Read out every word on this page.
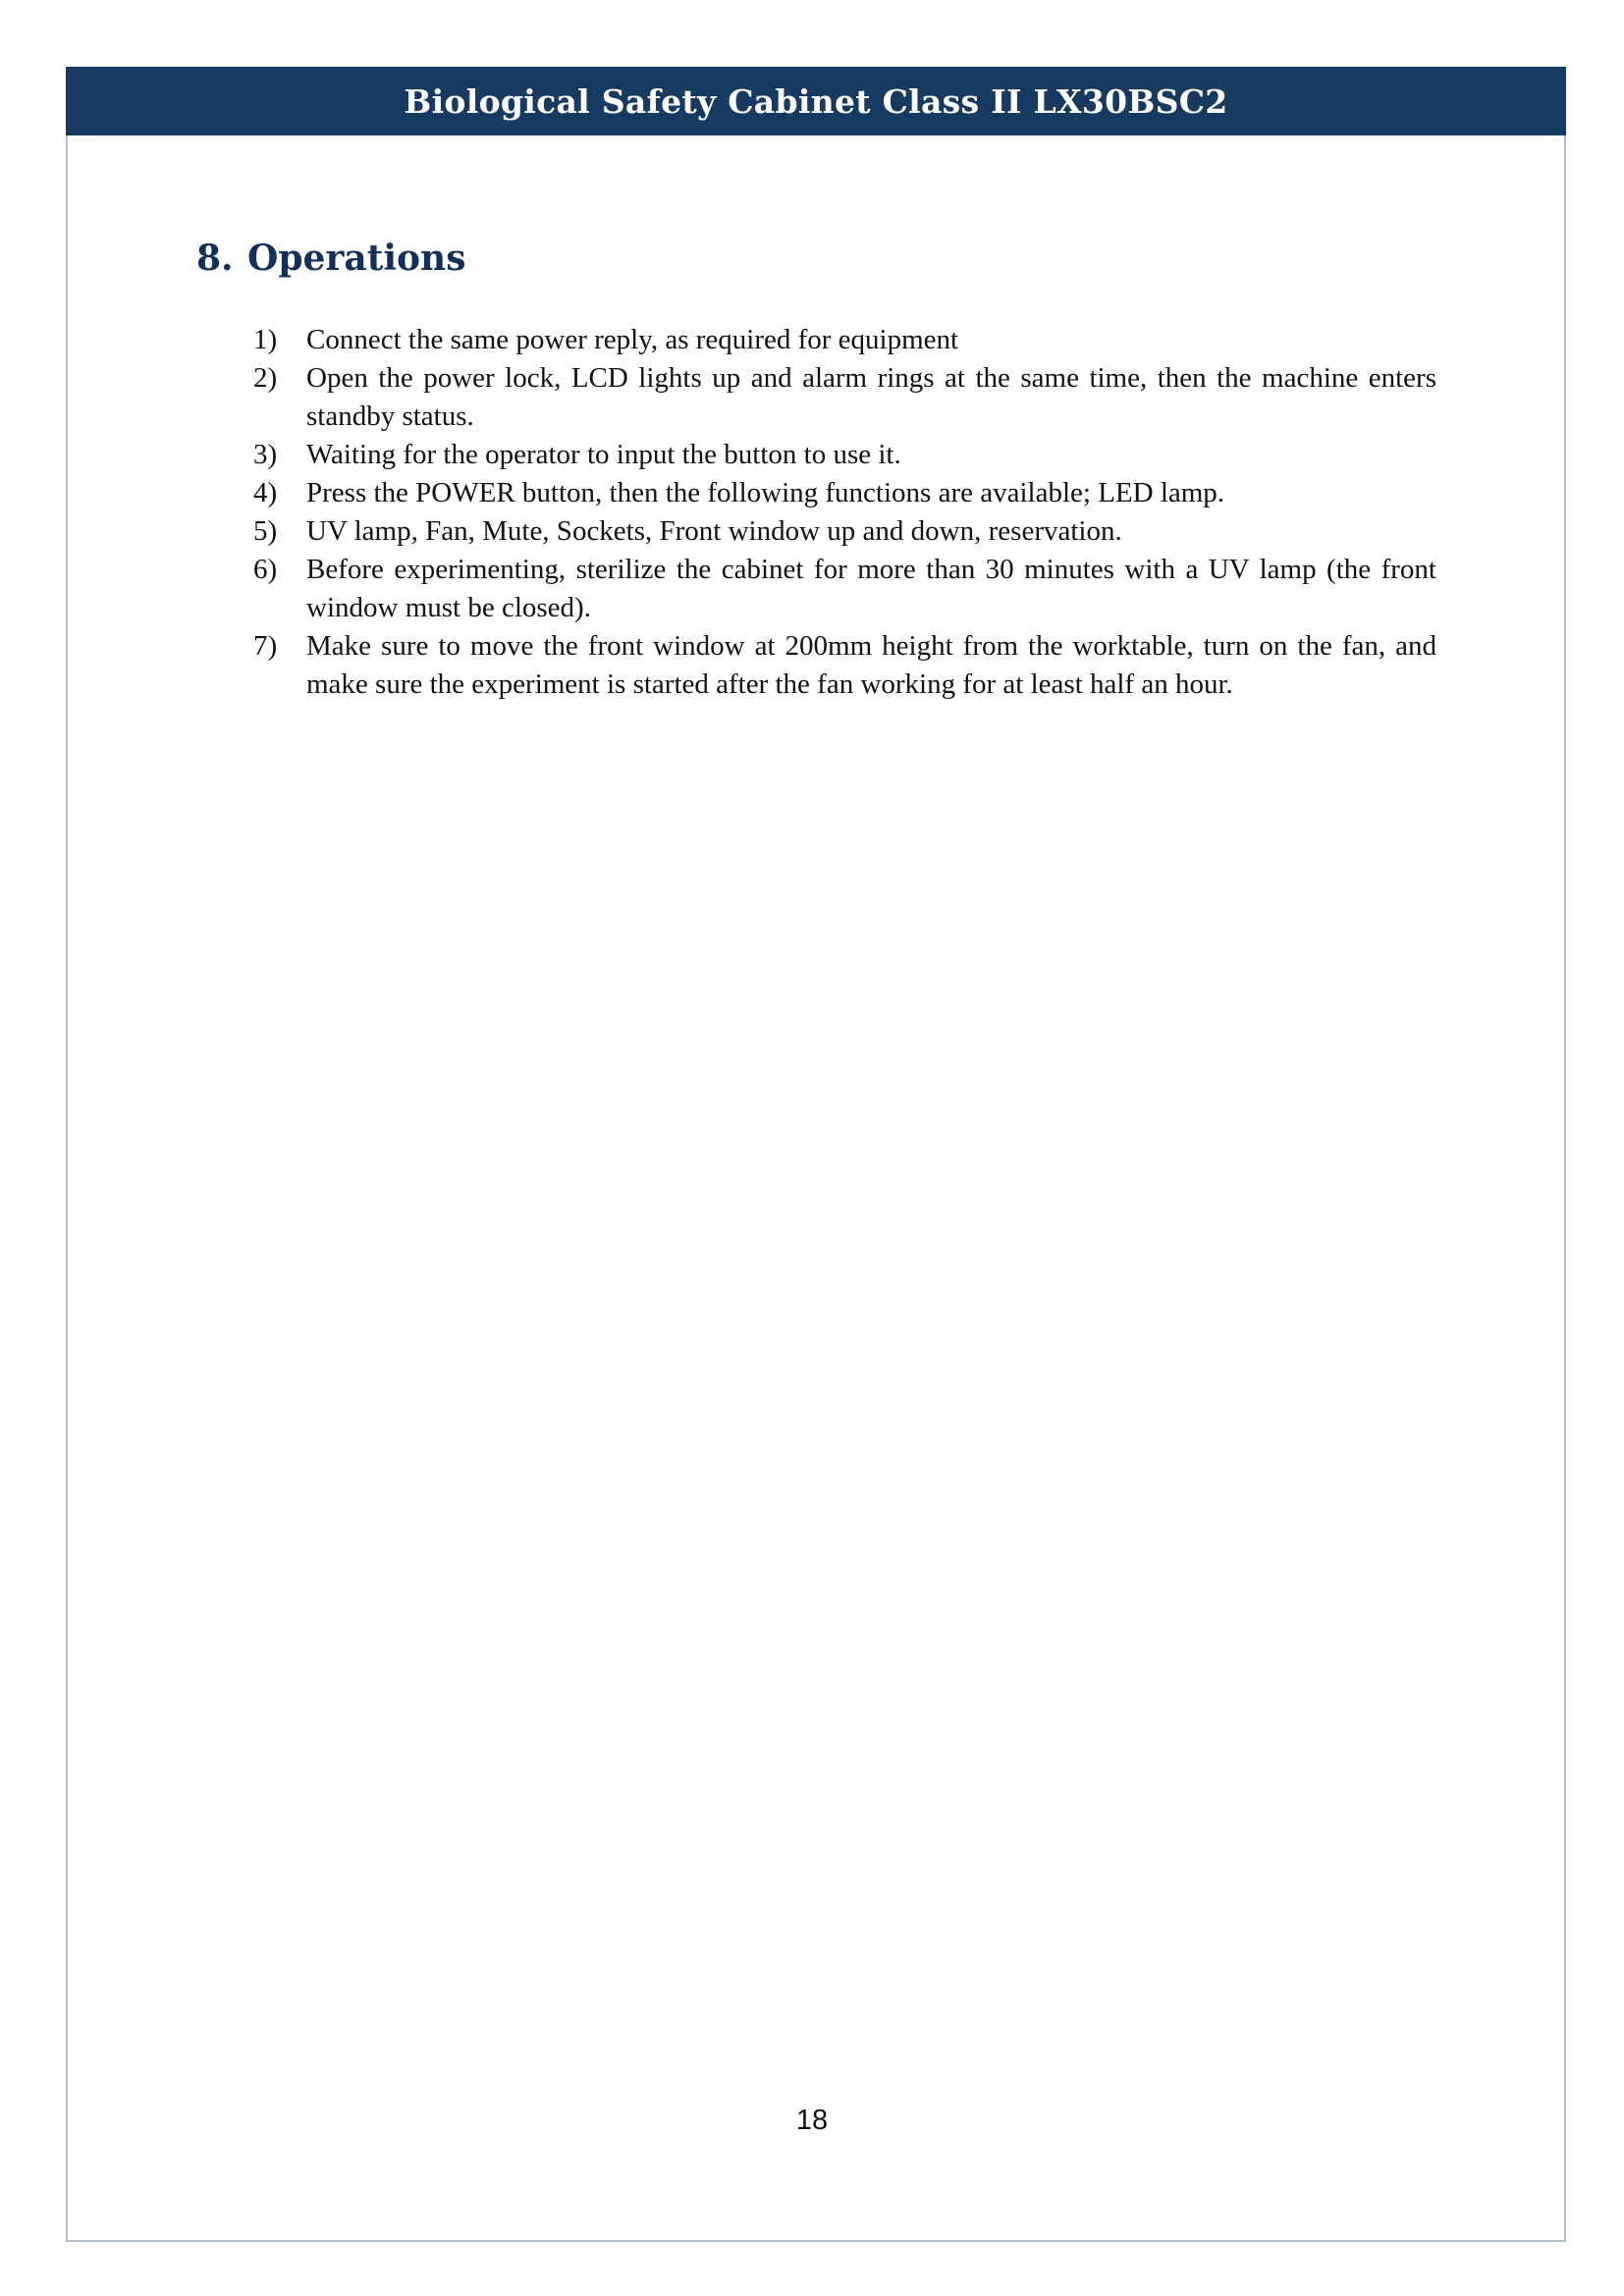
Biological Safety Cabinet Class II LX30BSC2
8. Operations
1)	Connect the same power reply, as required for equipment
2)	Open the power lock, LCD lights up and alarm rings at the same time, then the machine enters standby status.
3)	Waiting for the operator to input the button to use it.
4)	Press the POWER button, then the following functions are available; LED lamp.
5)	UV lamp, Fan, Mute, Sockets, Front window up and down, reservation.
6)	Before experimenting, sterilize the cabinet for more than 30 minutes with a UV lamp (the front window must be closed).
7)	Make sure to move the front window at 200mm height from the worktable, turn on the fan, and make sure the experiment is started after the fan working for at least half an hour.
18
